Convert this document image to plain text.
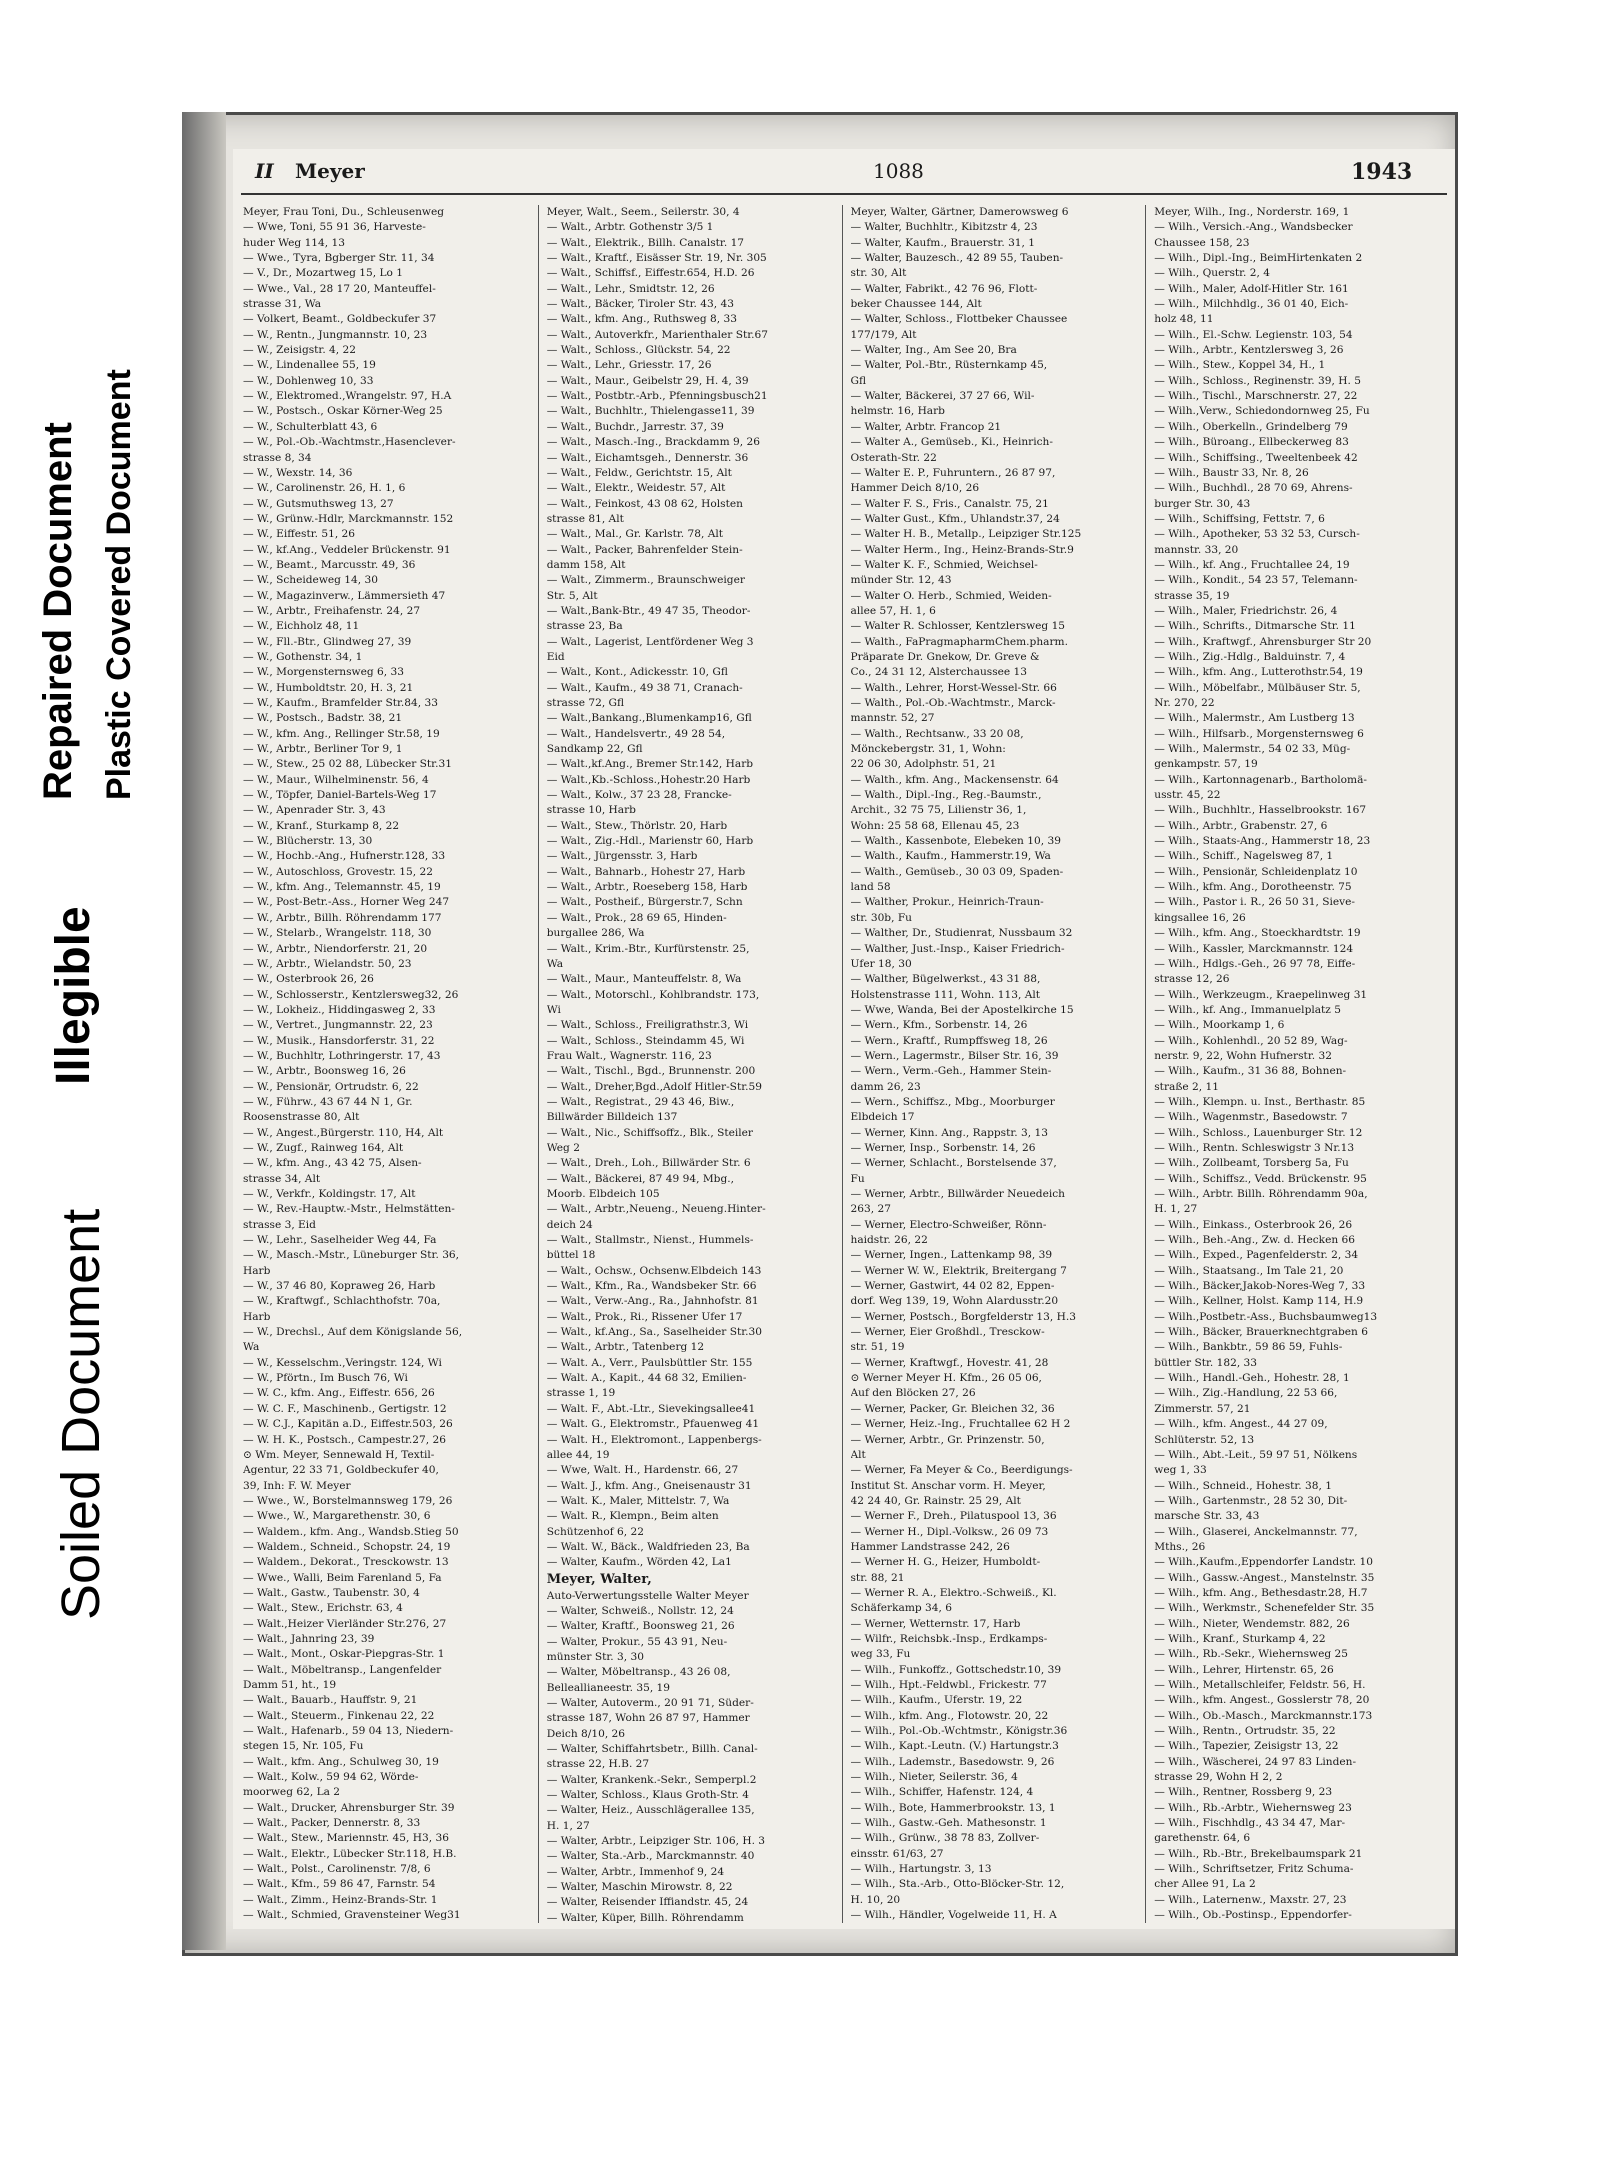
Repaired Document Plastic Covered Document
Illegible
Soiled Document
II Meyer	1088	1943
Meyer, Frau Toni, Du., Schleusenweg
— Wwe, Toni, 55 91 36, Harveste-
huder Weg 114, 13
— Wwe., Tyra, Bgberger Str. 11, 34
— V., Dr., Mozartweg 15, Lo 1
— Wwe., Val., 28 17 20, Manteuffel-
strasse 31, Wa
— Volkert, Beamt., Goldbeckufer 37
— W., Rentn., Jungmannstr. 10, 23
— W., Zeisigstr. 4, 22
— W., Lindenallee 55, 19
— W., Dohlenweg 10, 33
— W., Elektromed.,Wrangelstr. 97, H.A
— W., Postsch., Oskar Körner-Weg 25
— W., Schulterblatt 43, 6
— W., Pol.-Ob.-Wachtmstr.,Hasenclever-
strasse 8, 34
— W., Wexstr. 14, 36
— W., Carolinenstr. 26, H. 1, 6
— W., Gutsmuthsweg 13, 27
— W., Grünw.-Hdlr, Marckmannstr. 152
— W., Eiffestr. 51, 26
— W., kf.Ang., Veddeler Brückenstr. 91
— W., Beamt., Marcusstr. 49, 36
— W., Scheideweg 14, 30
— W., Magazinverw., Lämmersieth 47
— W., Arbtr., Freihafenstr. 24, 27
— W., Eichholz 48, 11
— W., Fll.-Btr., Glindweg 27, 39
— W., Gothenstr. 34, 1
— W., Morgensternsweg 6, 33
— W., Humboldtstr. 20, H. 3, 21
— W., Kaufm., Bramfelder Str.84, 33
— W., Postsch., Badstr. 38, 21
— W., kfm. Ang., Rellinger Str.58, 19
— W., Arbtr., Berliner Tor 9, 1
— W., Stew., 25 02 88, Lübecker Str.31
— W., Maur., Wilhelminenstr. 56, 4
— W., Töpfer, Daniel-Bartels-Weg 17
— W., Apenrader Str. 3, 43
— W., Kranf., Sturkamp 8, 22
— W., Blücherstr. 13, 30
— W., Hochb.-Ang., Hufnerstr.128, 33
— W., Autoschloss, Grovestr. 15, 22
— W., kfm. Ang., Telemannstr. 45, 19
— W., Post-Betr.-Ass., Horner Weg 247
— W., Arbtr., Billh. Röhrendamm 177
— W., Stelarb., Wrangelstr. 118, 30
— W., Arbtr., Niendorferstr. 21, 20
— W., Arbtr., Wielandstr. 50, 23
— W., Osterbrook 26, 26
— W., Schlosserstr., Kentzlersweg32, 26
— W., Lokheiz., Hiddingasweg 2, 33
— W., Vertret., Jungmannstr. 22, 23
— W., Musik., Hansdorferstr. 31, 22
— W., Buchhltr, Lothringerstr. 17, 43
— W., Arbtr., Boonsweg 16, 26
— W., Pensionär, Ortrudstr. 6, 22
— W., Führw., 43 67 44 N 1, Gr.
Roosenstrasse 80, Alt
— W., Angest.,Bürgerstr. 110, H4, Alt
— W., Zugf., Rainweg 164, Alt
— W., kfm. Ang., 43 42 75, Alsen-
strasse 34, Alt
— W., Verkfr., Koldingstr. 17, Alt
— W., Rev.-Hauptw.-Mstr., Helmstätten-
strasse 3, Eid
— W., Lehr., Saselheider Weg 44, Fa
— W., Masch.-Mstr., Lüneburger Str. 36,
Harb
— W., 37 46 80, Kopraweg 26, Harb
— W., Kraftwgf., Schlachthofstr. 70a,
Harb
— W., Drechsl., Auf dem Königslande 56,
Wa
— W., Kesselschm.,Veringstr. 124, Wi
— W., Pförtn., Im Busch 76, Wi
— W. C., kfm. Ang., Eiffestr. 656, 26
— W. C. F., Maschinenb., Gertigstr. 12
— W. C.J., Kapitän a.D., Eiffestr.503, 26
— W. H. K., Postsch., Campestr.27, 26
⊙ Wm. Meyer, Sennewald H, Textil-
Agentur, 22 33 71, Goldbeckufer 40,
39, Inh: F. W. Meyer
— Wwe., W., Borstelmannsweg 179, 26
— Wwe., W., Margarethenstr. 30, 6
— Waldem., kfm. Ang., Wandsb.Stieg 50
— Waldem., Schneid., Schopstr. 24, 19
— Waldem., Dekorat., Tresckowstr. 13
— Wwe., Walli, Beim Farenland 5, Fa
— Walt., Gastw., Taubenstr. 30, 4
— Walt., Stew., Erichstr. 63, 4
— Walt.,Heizer Vierländer Str.276, 27
— Walt., Jahnring 23, 39
— Walt., Mont., Oskar-Piepgras-Str. 1
— Walt., Möbeltransp., Langenfelder
Damm 51, ht., 19
— Walt., Bauarb., Hauffstr. 9, 21
— Walt., Steuerm., Finkenau 22, 22
— Walt., Hafenarb., 59 04 13, Niedern-
stegen 15, Nr. 105, Fu
— Walt., kfm. Ang., Schulweg 30, 19
— Walt., Kolw., 59 94 62, Wörde-
moorweg 62, La 2
— Walt., Drucker, Ahrensburger Str. 39
— Walt., Packer, Dennerstr. 8, 33
— Walt., Stew., Mariennstr. 45, H3, 36
— Walt., Elektr., Lübecker Str.118, H.B.
— Walt., Polst., Carolinenstr. 7/8, 6
— Walt., Kfm., 59 86 47, Farnstr. 54
— Walt., Zimm., Heinz-Brands-Str. 1
— Walt., Schmied, Gravensteiner Weg31
Meyer, Walt., Seem., Seilerstr. 30, 4
— Walt., Arbtr. Gothenstr 3/5 1
— Walt., Elektrik., Billh. Canalstr. 17
— Walt., Kraftf., Eisässer Str. 19, Nr. 305
— Walt., Schiffsf., Eiffestr.654, H.D. 26
— Walt., Lehr., Smidtstr. 12, 26
— Walt., Bäcker, Tiroler Str. 43, 43
— Walt., kfm. Ang., Ruthsweg 8, 33
— Walt., Autoverkfr., Marienthaler Str.67
— Walt., Schloss., Glückstr. 54, 22
— Walt., Lehr., Griesstr. 17, 26
— Walt., Maur., Geibelstr 29, H. 4, 39
— Walt., Postbtr.-Arb., Pfenningsbusch21
— Walt., Buchhltr., Thielengasse11, 39
— Walt., Buchdr., Jarrestr. 37, 39
— Walt., Masch.-Ing., Brackdamm 9, 26
— Walt., Eichamtsgeh., Dennerstr. 36
— Walt., Feldw., Gerichtstr. 15, Alt
— Walt., Elektr., Weidestr. 57, Alt
— Walt., Feinkost, 43 08 62, Holsten
strasse 81, Alt
— Walt., Mal., Gr. Karlstr. 78, Alt
— Walt., Packer, Bahrenfelder Stein-
damm 158, Alt
— Walt., Zimmerm., Braunschweiger
Str. 5, Alt
— Walt.,Bank-Btr., 49 47 35, Theodor-
strasse 23, Ba
— Walt., Lagerist, Lentfördener Weg 3
Eid
— Walt., Kont., Adickesstr. 10, Gfl
— Walt., Kaufm., 49 38 71, Cranach-
strasse 72, Gfl
— Walt.,Bankang.,Blumenkamp16, Gfl
— Walt., Handelsvertr., 49 28 54,
Sandkamp 22, Gfl
— Walt.,kf.Ang., Bremer Str.142, Harb
— Walt.,Kb.-Schloss.,Hohestr.20 Harb
— Walt., Kolw., 37 23 28, Francke-
strasse 10, Harb
— Walt., Stew., Thörlstr. 20, Harb
— Walt., Zig.-Hdl., Marienstr 60, Harb
— Walt., Jürgensstr. 3, Harb
— Walt., Bahnarb., Hohestr 27, Harb
— Walt., Arbtr., Roeseberg 158, Harb
— Walt., Postheif., Bürgerstr.7, Schn
— Walt., Prok., 28 69 65, Hinden-
burgallee 286, Wa
— Walt., Krim.-Btr., Kurfürstenstr. 25,
Wa
— Walt., Maur., Manteuffelstr. 8, Wa
— Walt., Motorschl., Kohlbrandstr. 173,
Wi
— Walt., Schloss., Freiligrathstr.3, Wi
— Walt., Schloss., Steindamm 45, Wi
Frau Walt., Wagnerstr. 116, 23
— Walt., Tischl., Bgd., Brunnenstr. 200
— Walt., Dreher,Bgd.,Adolf Hitler-Str.59
— Walt., Registrat., 29 43 46, Biw.,
Billwärder Billdeich 137
— Walt., Nic., Schiffsoffz., Blk., Steiler
Weg 2
— Walt., Dreh., Loh., Billwärder Str. 6
— Walt., Bäckerei, 87 49 94, Mbg.,
Moorb. Elbdeich 105
— Walt., Arbtr.,Neueng., Neueng.Hinter-
deich 24
— Walt., Stallmstr., Nienst., Hummels-
büttel 18
— Walt., Ochsw., Ochsenw.Elbdeich 143
— Walt., Kfm., Ra., Wandsbeker Str. 66
— Walt., Verw.-Ang., Ra., Jahnhofstr. 81
— Walt., Prok., Ri., Rissener Ufer 17
— Walt., kf.Ang., Sa., Saselheider Str.30
— Walt., Arbtr., Tatenberg 12
— Walt. A., Verr., Paulsbüttler Str. 155
— Walt. A., Kapit., 44 68 32, Emilien-
strasse 1, 19
— Walt. F., Abt.-Ltr., Sievekingsallee41
— Walt. G., Elektromstr., Pfauenweg 41
— Walt. H., Elektromont., Lappenbergs-
allee 44, 19
— Wwe, Walt. H., Hardenstr. 66, 27
— Walt. J., kfm. Ang., Gneisenaustr 31
— Walt. K., Maler, Mittelstr. 7, Wa
— Walt. R., Klempn., Beim alten
Schützenhof 6, 22
— Walt. W., Bäck., Waldfrieden 23, Ba
— Walter, Kaufm., Wörden 42, La1
Meyer, Walter,
Auto-Verwertungsstelle Walter Meyer
— Walter, Schweiß., Nollstr. 12, 24
— Walter, Kraftf., Boonsweg 21, 26
— Walter, Prokur., 55 43 91, Neu-
münster Str. 3, 30
— Walter, Möbeltransp., 43 26 08,
Belleallianeestr. 35, 19
— Walter, Autoverm., 20 91 71, Süder-
strasse 187, Wohn 26 87 97, Hammer
Deich 8/10, 26
— Walter, Schiffahrtsbetr., Billh. Canal-
strasse 22, H.B. 27
— Walter, Krankenk.-Sekr., Semperpl.2
— Walter, Schloss., Klaus Groth-Str. 4
— Walter, Heiz., Ausschlägerallee 135,
H. 1, 27
— Walter, Arbtr., Leipziger Str. 106, H. 3
— Walter, Sta.-Arb., Marckmannstr. 40
— Walter, Arbtr., Immenhof 9, 24
— Walter, Maschin Mirowstr. 8, 22
— Walter, Reisender Iffiandstr. 45, 24
— Walter, Küper, Billh. Röhrendamm
Meyer, Walter, Gärtner, Damerowsweg 6
— Walter, Buchhltr., Kibitzstr 4, 23
— Walter, Kaufm., Brauerstr. 31, 1
— Walter, Bauzesch., 42 89 55, Tauben-
str. 30, Alt
— Walter, Fabrikt., 42 76 96, Flott-
beker Chaussee 144, Alt
— Walter, Schloss., Flottbeker Chaussee
177/179, Alt
— Walter, Ing., Am See 20, Bra
— Walter, Pol.-Btr., Rüsternkamp 45,
Gfl
— Walter, Bäckerei, 37 27 66, Wil-
helmstr. 16, Harb
— Walter, Arbtr. Francop 21
— Walter A., Gemüseb., Ki., Heinrich-
Osterath-Str. 22
— Walter E. P., Fuhruntern., 26 87 97,
Hammer Deich 8/10, 26
— Walter F. S., Fris., Canalstr. 75, 21
— Walter Gust., Kfm., Uhlandstr.37, 24
— Walter H. B., Metallp., Leipziger Str.125
— Walter Herm., Ing., Heinz-Brands-Str.9
— Walter K. F., Schmied, Weichsel-
münder Str. 12, 43
— Walter O. Herb., Schmied, Weiden-
allee 57, H. 1, 6
— Walter R. Schlosser, Kentzlersweg 15
— Walth., FaPragmapharmChem.pharm.
Präparate Dr. Gnekow, Dr. Greve &
Co., 24 31 12, Alsterchaussee 13
— Walth., Lehrer, Horst-Wessel-Str. 66
— Walth., Pol.-Ob.-Wachtmstr., Marck-
mannstr. 52, 27
— Walth., Rechtsanw., 33 20 08,
Mönckebergstr. 31, 1, Wohn:
22 06 30, Adolphstr. 51, 21
— Walth., kfm. Ang., Mackensenstr. 64
— Walth., Dipl.-Ing., Reg.-Baumstr.,
Archit., 32 75 75, Lilienstr 36, 1,
Wohn: 25 58 68, Ellenau 45, 23
— Walth., Kassenbote, Elebeken 10, 39
— Walth., Kaufm., Hammerstr.19, Wa
— Walth., Gemüseb., 30 03 09, Spaden-
land 58
— Walther, Prokur., Heinrich-Traun-
str. 30b, Fu
— Walther, Dr., Studienrat, Nussbaum 32
— Walther, Just.-Insp., Kaiser Friedrich-
Ufer 18, 30
— Walther, Bügelwerkst., 43 31 88,
Holstenstrasse 111, Wohn. 113, Alt
— Wwe, Wanda, Bei der Apostelkirche 15
— Wern., Kfm., Sorbenstr. 14, 26
— Wern., Kraftf., Rumpffsweg 18, 26
— Wern., Lagermstr., Bilser Str. 16, 39
— Wern., Verm.-Geh., Hammer Stein-
damm 26, 23
— Wern., Schiffsz., Mbg., Moorburger
Elbdeich 17
— Werner, Kinn. Ang., Rappstr. 3, 13
— Werner, Insp., Sorbenstr. 14, 26
— Werner, Schlacht., Borstelsende 37,
Fu
— Werner, Arbtr., Billwärder Neuedeich
263, 27
— Werner, Electro-Schweißer, Rönn-
haidstr. 26, 22
— Werner, Ingen., Lattenkamp 98, 39
— Werner W. W., Elektrik, Breitergang 7
— Werner, Gastwirt, 44 02 82, Eppen-
dorf. Weg 139, 19, Wohn Alardusstr.20
— Werner, Postsch., Borgfelderstr 13, H.3
— Werner, Eier Großhdl., Tresckow-
str. 51, 19
— Werner, Kraftwgf., Hovestr. 41, 28
⊙ Werner Meyer H. Kfm., 26 05 06,
Auf den Blöcken 27, 26
— Werner, Packer, Gr. Bleichen 32, 36
— Werner, Heiz.-Ing., Fruchtallee 62 H 2
— Werner, Arbtr., Gr. Prinzenstr. 50,
Alt
— Werner, Fa Meyer & Co., Beerdigungs-
Institut St. Anschar vorm. H. Meyer,
42 24 40, Gr. Rainstr. 25 29, Alt
— Werner F., Dreh., Pilatuspool 13, 36
— Werner H., Dipl.-Volksw., 26 09 73
Hammer Landstrasse 242, 26
— Werner H. G., Heizer, Humboldt-
str. 88, 21
— Werner R. A., Elektro.-Schweiß., Kl.
Schäferkamp 34, 6
— Werner, Wetternstr. 17, Harb
— Wilfr., Reichsbk.-Insp., Erdkamps-
weg 33, Fu
— Wilh., Funkoffz., Gottschedstr.10, 39
— Wilh., Hpt.-Feldwbl., Frickestr. 77
— Wilh., Kaufm., Uferstr. 19, 22
— Wilh., kfm. Ang., Flotowstr. 20, 22
— Wilh., Pol.-Ob.-Wchtmstr., Königstr.36
— Wilh., Kapt.-Leutn. (V.) Hartungstr.3
— Wilh., Lademstr., Basedowstr. 9, 26
— Wilh., Nieter, Seilerstr. 36, 4
— Wilh., Schiffer, Hafenstr. 124, 4
— Wilh., Bote, Hammerbrookstr. 13, 1
— Wilh., Gastw.-Geh. Mathesonstr. 1
— Wilh., Grünw., 38 78 83, Zollver-
einsstr. 61/63, 27
— Wilh., Hartungstr. 3, 13
— Wilh., Sta.-Arb., Otto-Blöcker-Str. 12,
H. 10, 20
— Wilh., Händler, Vogelweide 11, H. A
Meyer, Wilh., Ing., Norderstr. 169, 1
— Wilh., Versich.-Ang., Wandsbecker
Chaussee 158, 23
— Wilh., Dipl.-Ing., BeimHirtenkaten 2
— Wilh., Querstr. 2, 4
— Wilh., Maler, Adolf-Hitler Str. 161
— Wilh., Milchhdlg., 36 01 40, Eich-
holz 48, 11
— Wilh., El.-Schw. Legienstr. 103, 54
— Wilh., Arbtr., Kentzlersweg 3, 26
— Wilh., Stew., Koppel 34, H., 1
— Wilh., Schloss., Reginenstr. 39, H. 5
— Wilh., Tischl., Marschnerstr. 27, 22
— Wilh.,Verw., Schiedondornweg 25, Fu
— Wilh., Oberkelln., Grindelberg 79
— Wilh., Büroang., Ellbeckerweg 83
— Wilh., Schiffsing., Tweeltenbeek 42
— Wilh., Baustr 33, Nr. 8, 26
— Wilh., Buchhdl., 28 70 69, Ahrens-
burger Str. 30, 43
— Wilh., Schiffsing, Fettstr. 7, 6
— Wilh., Apotheker, 53 32 53, Cursch-
mannstr. 33, 20
— Wilh., kf. Ang., Fruchtallee 24, 19
— Wilh., Kondit., 54 23 57, Telemann-
strasse 35, 19
— Wilh., Maler, Friedrichstr. 26, 4
— Wilh., Schrifts., Ditmarsche Str. 11
— Wilh., Kraftwgf., Ahrensburger Str 20
— Wilh., Zig.-Hdlg., Balduinstr. 7, 4
— Wilh., kfm. Ang., Lutterothstr.54, 19
— Wilh., Möbelfabr., Mülbäuser Str. 5,
Nr. 270, 22
— Wilh., Malermstr., Am Lustberg 13
— Wilh., Hilfsarb., Morgensternsweg 6
— Wilh., Malermstr., 54 02 33, Müg-
genkampstr. 57, 19
— Wilh., Kartonnagenarb., Bartholomä-
usstr. 45, 22
— Wilh., Buchhltr., Hasselbrookstr. 167
— Wilh., Arbtr., Grabenstr. 27, 6
— Wilh., Staats-Ang., Hammerstr 18, 23
— Wilh., Schiff., Nagelsweg 87, 1
— Wilh., Pensionär, Schleidenplatz 10
— Wilh., kfm. Ang., Dorotheenstr. 75
— Wilh., Pastor i. R., 26 50 31, Sieve-
kingsallee 16, 26
— Wilh., kfm. Ang., Stoeckhardtstr. 19
— Wilh., Kassler, Marckmannstr. 124
— Wilh., Hdlgs.-Geh., 26 97 78, Eiffe-
strasse 12, 26
— Wilh., Werkzeugm., Kraepelinweg 31
— Wilh., kf. Ang., Immanuelplatz 5
— Wilh., Moorkamp 1, 6
— Wilh., Kohlenhdl., 20 52 89, Wag-
nerstr. 9, 22, Wohn Hufnerstr. 32
— Wilh., Kaufm., 31 36 88, Bohnen-
straße 2, 11
— Wilh., Klempn. u. Inst., Berthastr. 85
— Wilh., Wagenmstr., Basedowstr. 7
— Wilh., Schloss., Lauenburger Str. 12
— Wilh., Rentn. Schleswigstr 3 Nr.13
— Wilh., Zollbeamt, Torsberg 5a, Fu
— Wilh., Schiffsz., Vedd. Brückenstr. 95
— Wilh., Arbtr. Billh. Röhrendamm 90a,
H. 1, 27
— Wilh., Einkass., Osterbrook 26, 26
— Wilh., Beh.-Ang., Zw. d. Hecken 66
— Wilh., Exped., Pagenfelderstr. 2, 34
— Wilh., Staatsang., Im Tale 21, 20
— Wilh., Bäcker,Jakob-Nores-Weg 7, 33
— Wilh., Kellner, Holst. Kamp 114, H.9
— Wilh.,Postbetr.-Ass., Buchsbaumweg13
— Wilh., Bäcker, Brauerknechtgraben 6
— Wilh., Bankbtr., 59 86 59, Fuhls-
büttler Str. 182, 33
— Wilh., Handl.-Geh., Hohestr. 28, 1
— Wilh., Zig.-Handlung, 22 53 66,
Zimmerstr. 57, 21
— Wilh., kfm. Angest., 44 27 09,
Schlüterstr. 52, 13
— Wilh., Abt.-Leit., 59 97 51, Nölkens
weg 1, 33
— Wilh., Schneid., Hohestr. 38, 1
— Wilh., Gartenmstr., 28 52 30, Dit-
marsche Str. 33, 43
— Wilh., Glaserei, Anckelmannstr. 77,
Mths., 26
— Wilh.,Kaufm.,Eppendorfer Landstr. 10
— Wilh., Gassw.-Angest., Manstelnstr. 35
— Wilh., kfm. Ang., Bethesdastr.28, H.7
— Wilh., Werkmstr., Schenefelder Str. 35
— Wilh., Nieter, Wendemstr. 882, 26
— Wilh., Kranf., Sturkamp 4, 22
— Wilh., Rb.-Sekr., Wiehernsweg 25
— Wilh., Lehrer, Hirtenstr. 65, 26
— Wilh., Metallschleifer, Feldstr. 56, H.
— Wilh., kfm. Angest., Gosslerstr 78, 20
— Wilh., Ob.-Masch., Marckmannstr.173
— Wilh., Rentn., Ortrudstr. 35, 22
— Wilh., Tapezier, Zeisigstr 13, 22
— Wilh., Wäscherei, 24 97 83 Linden-
strasse 29, Wohn H 2, 2
— Wilh., Rentner, Rossberg 9, 23
— Wilh., Rb.-Arbtr., Wiehernsweg 23
— Wilh., Fischhdlg., 43 34 47, Mar-
garethenstr. 64, 6
— Wilh., Rb.-Btr., Brekelbaumspark 21
— Wilh., Schriftsetzer, Fritz Schuma-
cher Allee 91, La 2
— Wilh., Laternenw., Maxstr. 27, 23
— Wilh., Ob.-Postinsp., Eppendorfer-
